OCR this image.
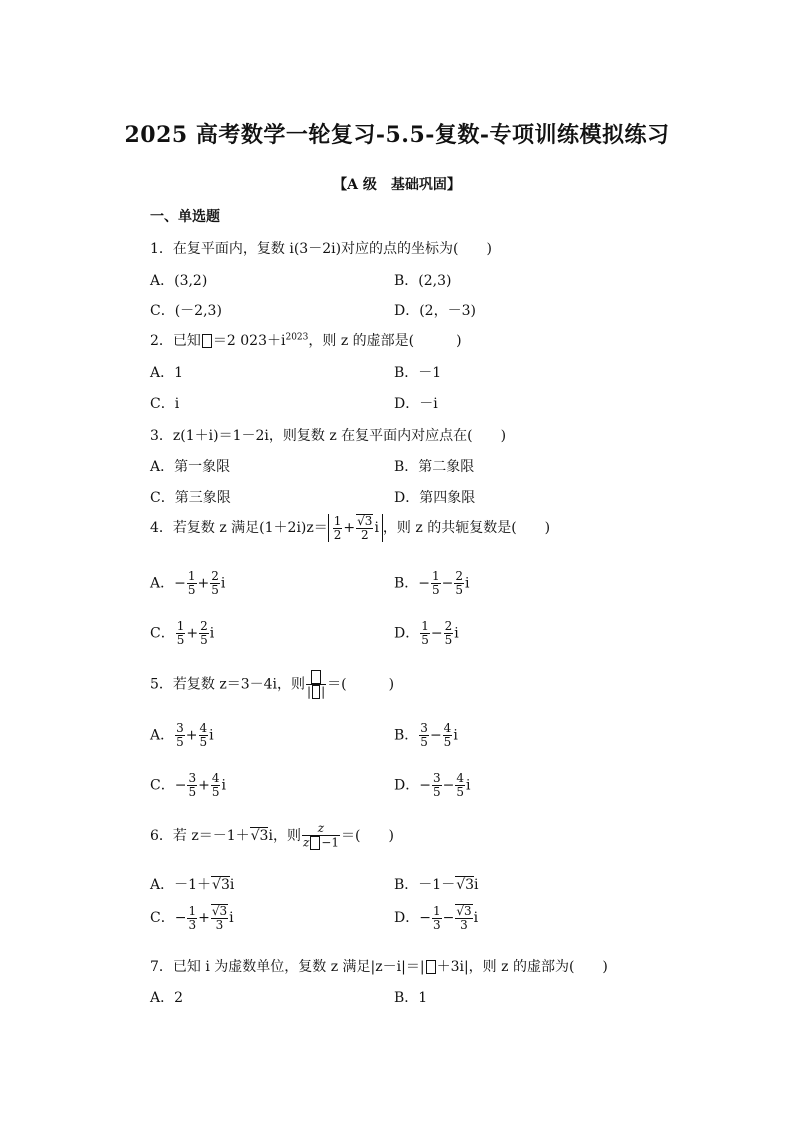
2025 高考数学一轮复习-5.5-复数-专项训练模拟练习
【A 级　基础巩固】
一、单选题
1．在复平面内，复数 i(3－2i)对应的点的坐标为(　　)
A．(3,2)	B．(2,3)
C．(－2,3)	D．(2，－3)
2．已知 ＝2 $023+i^{2023}$，则 z 的虚部是(　　　)
A．1	B．－1
C．i	D．－i
3．z(1＋i)＝1－2i，则复数 z 在复平面内对应点在(　　)
A．第一象限	B．第二象限
C．第三象限	D．第四象限
4．若复数 z 满足$(1+2i)z= \frac{1}{2} + \frac{√3}{2}$ i ，则 z 的共轭复数是(　　)
A．− $\frac{1}{5} + \frac{2}{5}$ i	B．− $\frac{1}{5} - \frac{2}{5}$ i
C． $\frac{1}{5} + \frac{2}{5}$ i	D． $\frac{1}{5} - \frac{2}{5}$ i
5．若复数 z＝3－4i，则 | | ＝(　　　)
A． $\frac{3}{5} + \frac{4}{5}$ i	B． $\frac{3}{5} - \frac{4}{5}$ i
C．− $\frac{3}{5} + \frac{4}{5}$ i	D．− $\frac{3}{5} - \frac{4}{5}$ i
6．若 z＝－1＋√3i，则 $\frac{z}{z -1}$ ＝(　　)
A．－1＋√3i	B．－1－√3i
C．− $\frac{1}{3} + \frac{√3}{3}$ i	D．− $\frac{1}{3} - \frac{√3}{3}$ i
7．已知 i 为虚数单位，复数 z 满足|z－i|＝| ＋3i|，则 z 的虚部为(　　)
A．2	B．1
